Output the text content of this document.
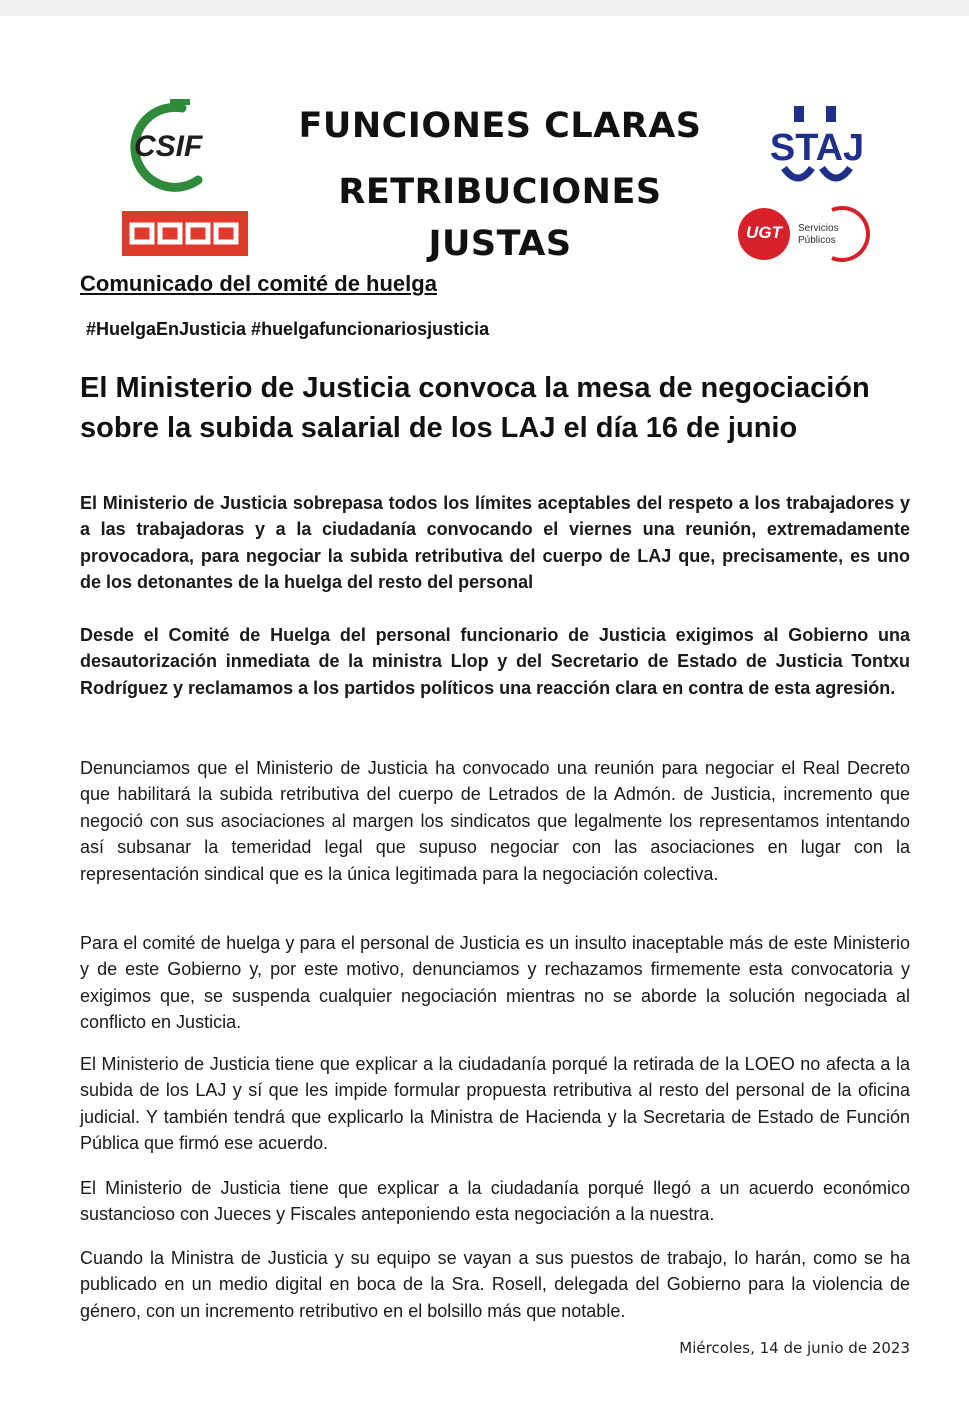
CSIF
CCOO
STAJ
UGT Servicios
Públicos
FUNCIONES CLARAS
RETRIBUCIONES
JUSTAS
Comunicado del comité de huelga
#HuelgaEnJusticia #huelgafuncionariosjusticia
El Ministerio de Justicia convoca la mesa de negociación sobre la subida salarial de los LAJ el día 16 de junio

El Ministerio de Justicia sobrepasa todos los límites aceptables del respeto a los trabajadores y a las trabajadoras y a la ciudadanía convocando el viernes una reunión, extremadamente provocadora, para negociar la subida retributiva del cuerpo de LAJ que, precisamente, es uno de los detonantes de la huelga del resto del personal

Desde el Comité de Huelga del personal funcionario de Justicia exigimos al Gobierno una desautorización inmediata de la ministra Llop y del Secretario de Estado de Justicia Tontxu Rodríguez y reclamamos a los partidos políticos una reacción clara en contra de esta agresión.

Denunciamos que el Ministerio de Justicia ha convocado una reunión para negociar el Real Decreto que habilitará la subida retributiva del cuerpo de Letrados de la Admón. de Justicia, incremento que negoció con sus asociaciones al margen los sindicatos que legalmente los representamos intentando así subsanar la temeridad legal que supuso negociar con las asociaciones en lugar con la representación sindical que es la única legitimada para la negociación colectiva.

Para el comité de huelga y para el personal de Justicia es un insulto inaceptable más de este Ministerio y de este Gobierno y, por este motivo, denunciamos y rechazamos firmemente esta convocatoria y exigimos que, se suspenda cualquier negociación mientras no se aborde la solución negociada al conflicto en Justicia.

El Ministerio de Justicia tiene que explicar a la ciudadanía porqué la retirada de la LOEO no afecta a la subida de los LAJ y sí que les impide formular propuesta retributiva al resto del personal de la oficina judicial. Y también tendrá que explicarlo la Ministra de Hacienda y la Secretaria de Estado de Función Pública que firmó ese acuerdo.

El Ministerio de Justicia tiene que explicar a la ciudadanía porqué llegó a un acuerdo económico sustancioso con Jueces y Fiscales anteponiendo esta negociación a la nuestra.

Cuando la Ministra de Justicia y su equipo se vayan a sus puestos de trabajo, lo harán, como se ha publicado en un medio digital en boca de la Sra. Rosell, delegada del Gobierno para la violencia de género, con un incremento retributivo en el bolsillo más que notable.

Miércoles, 14 de junio de 2023
